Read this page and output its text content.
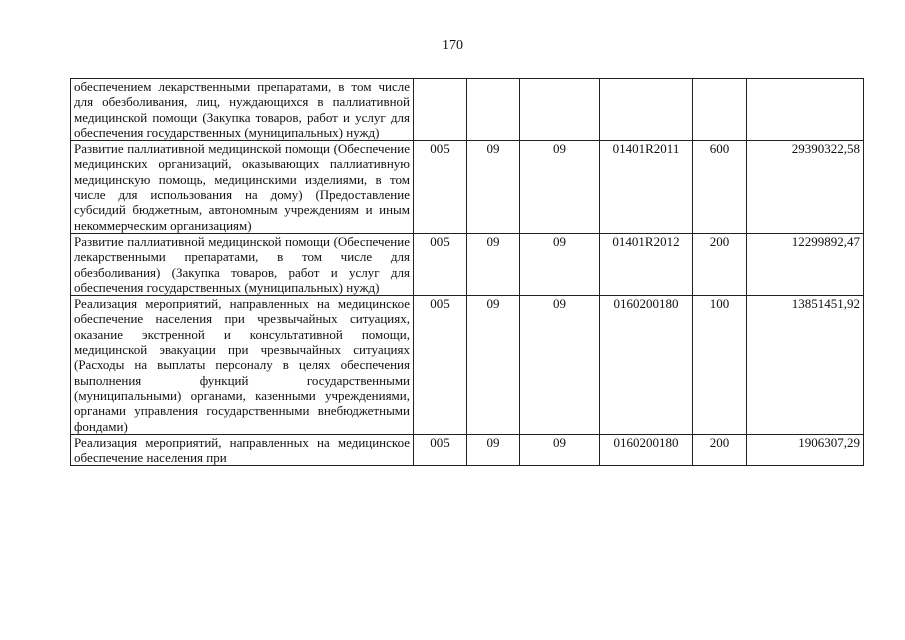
170
обеспечением лекарственными препаратами, в том числе для обезболивания, лиц, нуждающихся в паллиативной медицинской помощи (Закупка товаров, работ и услуг для обеспечения государственных (муниципальных) нужд)						
Развитие паллиативной медицинской помощи (Обеспечение медицинских организаций, оказывающих паллиативную медицинскую помощь, медицинскими изделиями, в том числе для использования на дому) (Предоставление субсидий бюджетным, автономным учреждениям и иным некоммерческим организациям)	005	09	09	01401R2011	600	29390322,58
Развитие паллиативной медицинской помощи (Обеспечение лекарственными препаратами, в том числе для обезболивания) (Закупка товаров, работ и услуг для обеспечения государственных (муниципальных) нужд)	005	09	09	01401R2012	200	12299892,47
Реализация мероприятий, направленных на медицинское обеспечение населения при чрезвычайных ситуациях, оказание экстренной и консультативной помощи, медицинской эвакуации при чрезвычайных ситуациях (Расходы на выплаты персоналу в целях обеспечения выполнения функций государственными (муниципальными) органами, казенными учреждениями, органами управления государственными внебюджетными фондами)	005	09	09	0160200180	100	13851451,92
Реализация мероприятий, направленных на медицинское обеспечение населения при	005	09	09	0160200180	200	1906307,29
